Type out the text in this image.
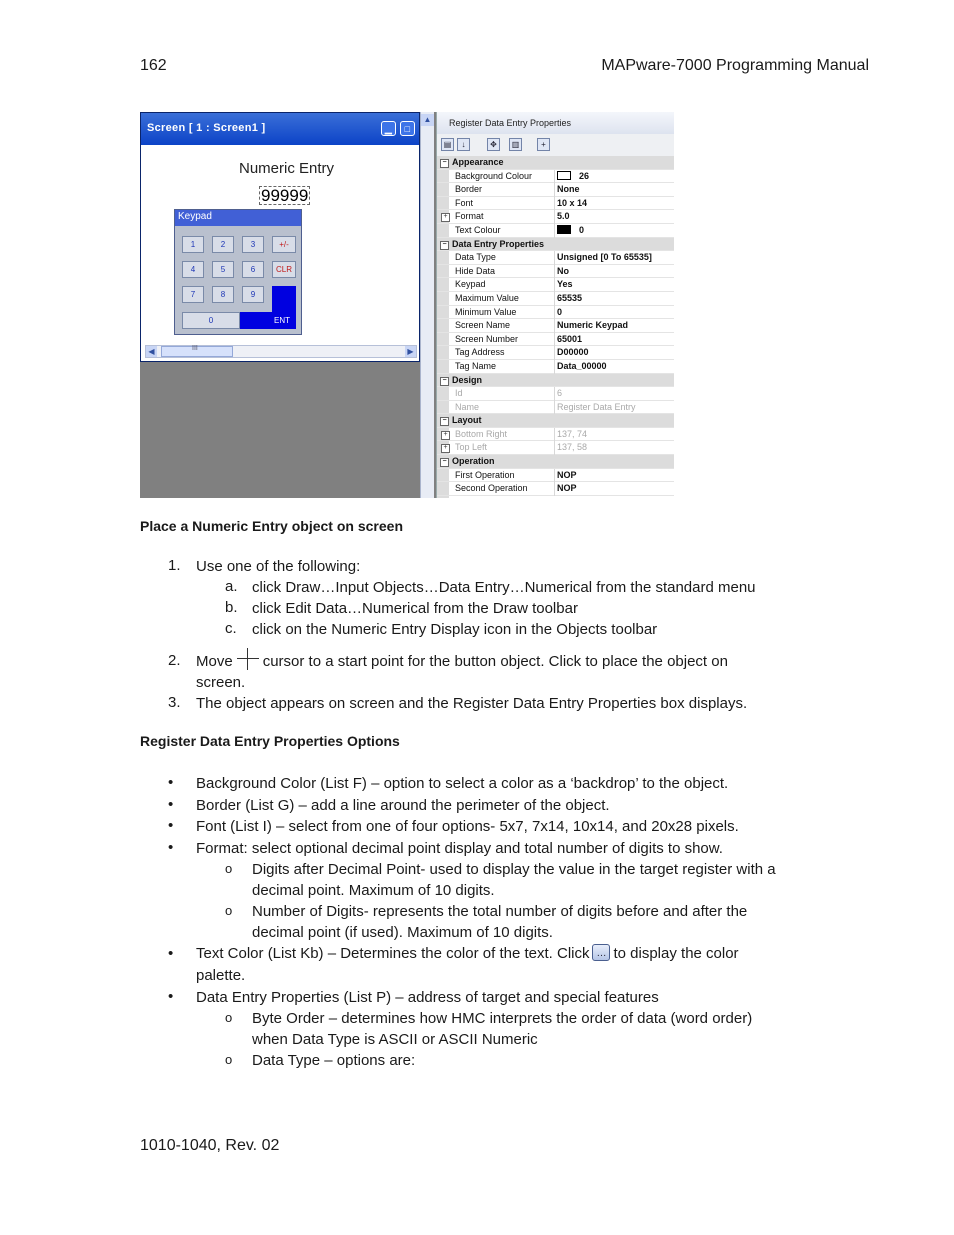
162	MAPware-7000 Programming Manual
1010-1040, Rev. 02
Screen [ 1 : Screen1 ]	▁	□
Numeric Entry
99999
Keypad
1	2	3	+/-
4	5	6	CLR
7	8	9
0	ENT
◀	III	▶
▲	Register Data Entry Properties
▤	↓	✥	▥	+
− Appearance
Background Colour	26
Border	None
Font	10 x 14
+ Format	5.0
Text Colour	0
− Data Entry Properties
Data Type	Unsigned [0 To 65535]
Hide Data	No
Keypad	Yes
Maximum Value	65535
Minimum Value	0
Screen Name	Numeric Keypad
Screen Number	65001
Tag Address	D00000
Tag Name	Data_00000
− Design
Id	6
Name	Register Data Entry
− Layout
+ Bottom Right	137, 74
+ Top Left	137, 58
− Operation
First Operation	NOP
Second Operation	NOP
Place a Numeric Entry object on screen
1. Use one of the following:
a. click Draw…Input Objects…Data Entry…Numerical from the standard menu
b. click Edit Data…Numerical from the Draw toolbar
c. click on the Numeric Entry Display icon in the Objects toolbar
2. Move cursor to a start point for the button object. Click to place the object on
screen.
3. The object appears on screen and the Register Data Entry Properties box displays.
Register Data Entry Properties Options
• Background Color (List F) – option to select a color as a ‘backdrop’ to the object.
• Border (List G) – add a line around the perimeter of the object.
• Font (List I) – select from one of four options- 5x7, 7x14, 10x14, and 20x28 pixels.
• Format: select optional decimal point display and total number of digits to show.
o Digits after Decimal Point- used to display the value in the target register with a
decimal point. Maximum of 10 digits.
o Number of Digits- represents the total number of digits before and after the
decimal point (if used). Maximum of 10 digits.
• Text Color (List Kb) – Determines the color of the text. Click … to display the color
palette.
• Data Entry Properties (List P) – address of target and special features
o Byte Order – determines how HMC interprets the order of data (word order)
when Data Type is ASCII or ASCII Numeric
o Data Type – options are:
